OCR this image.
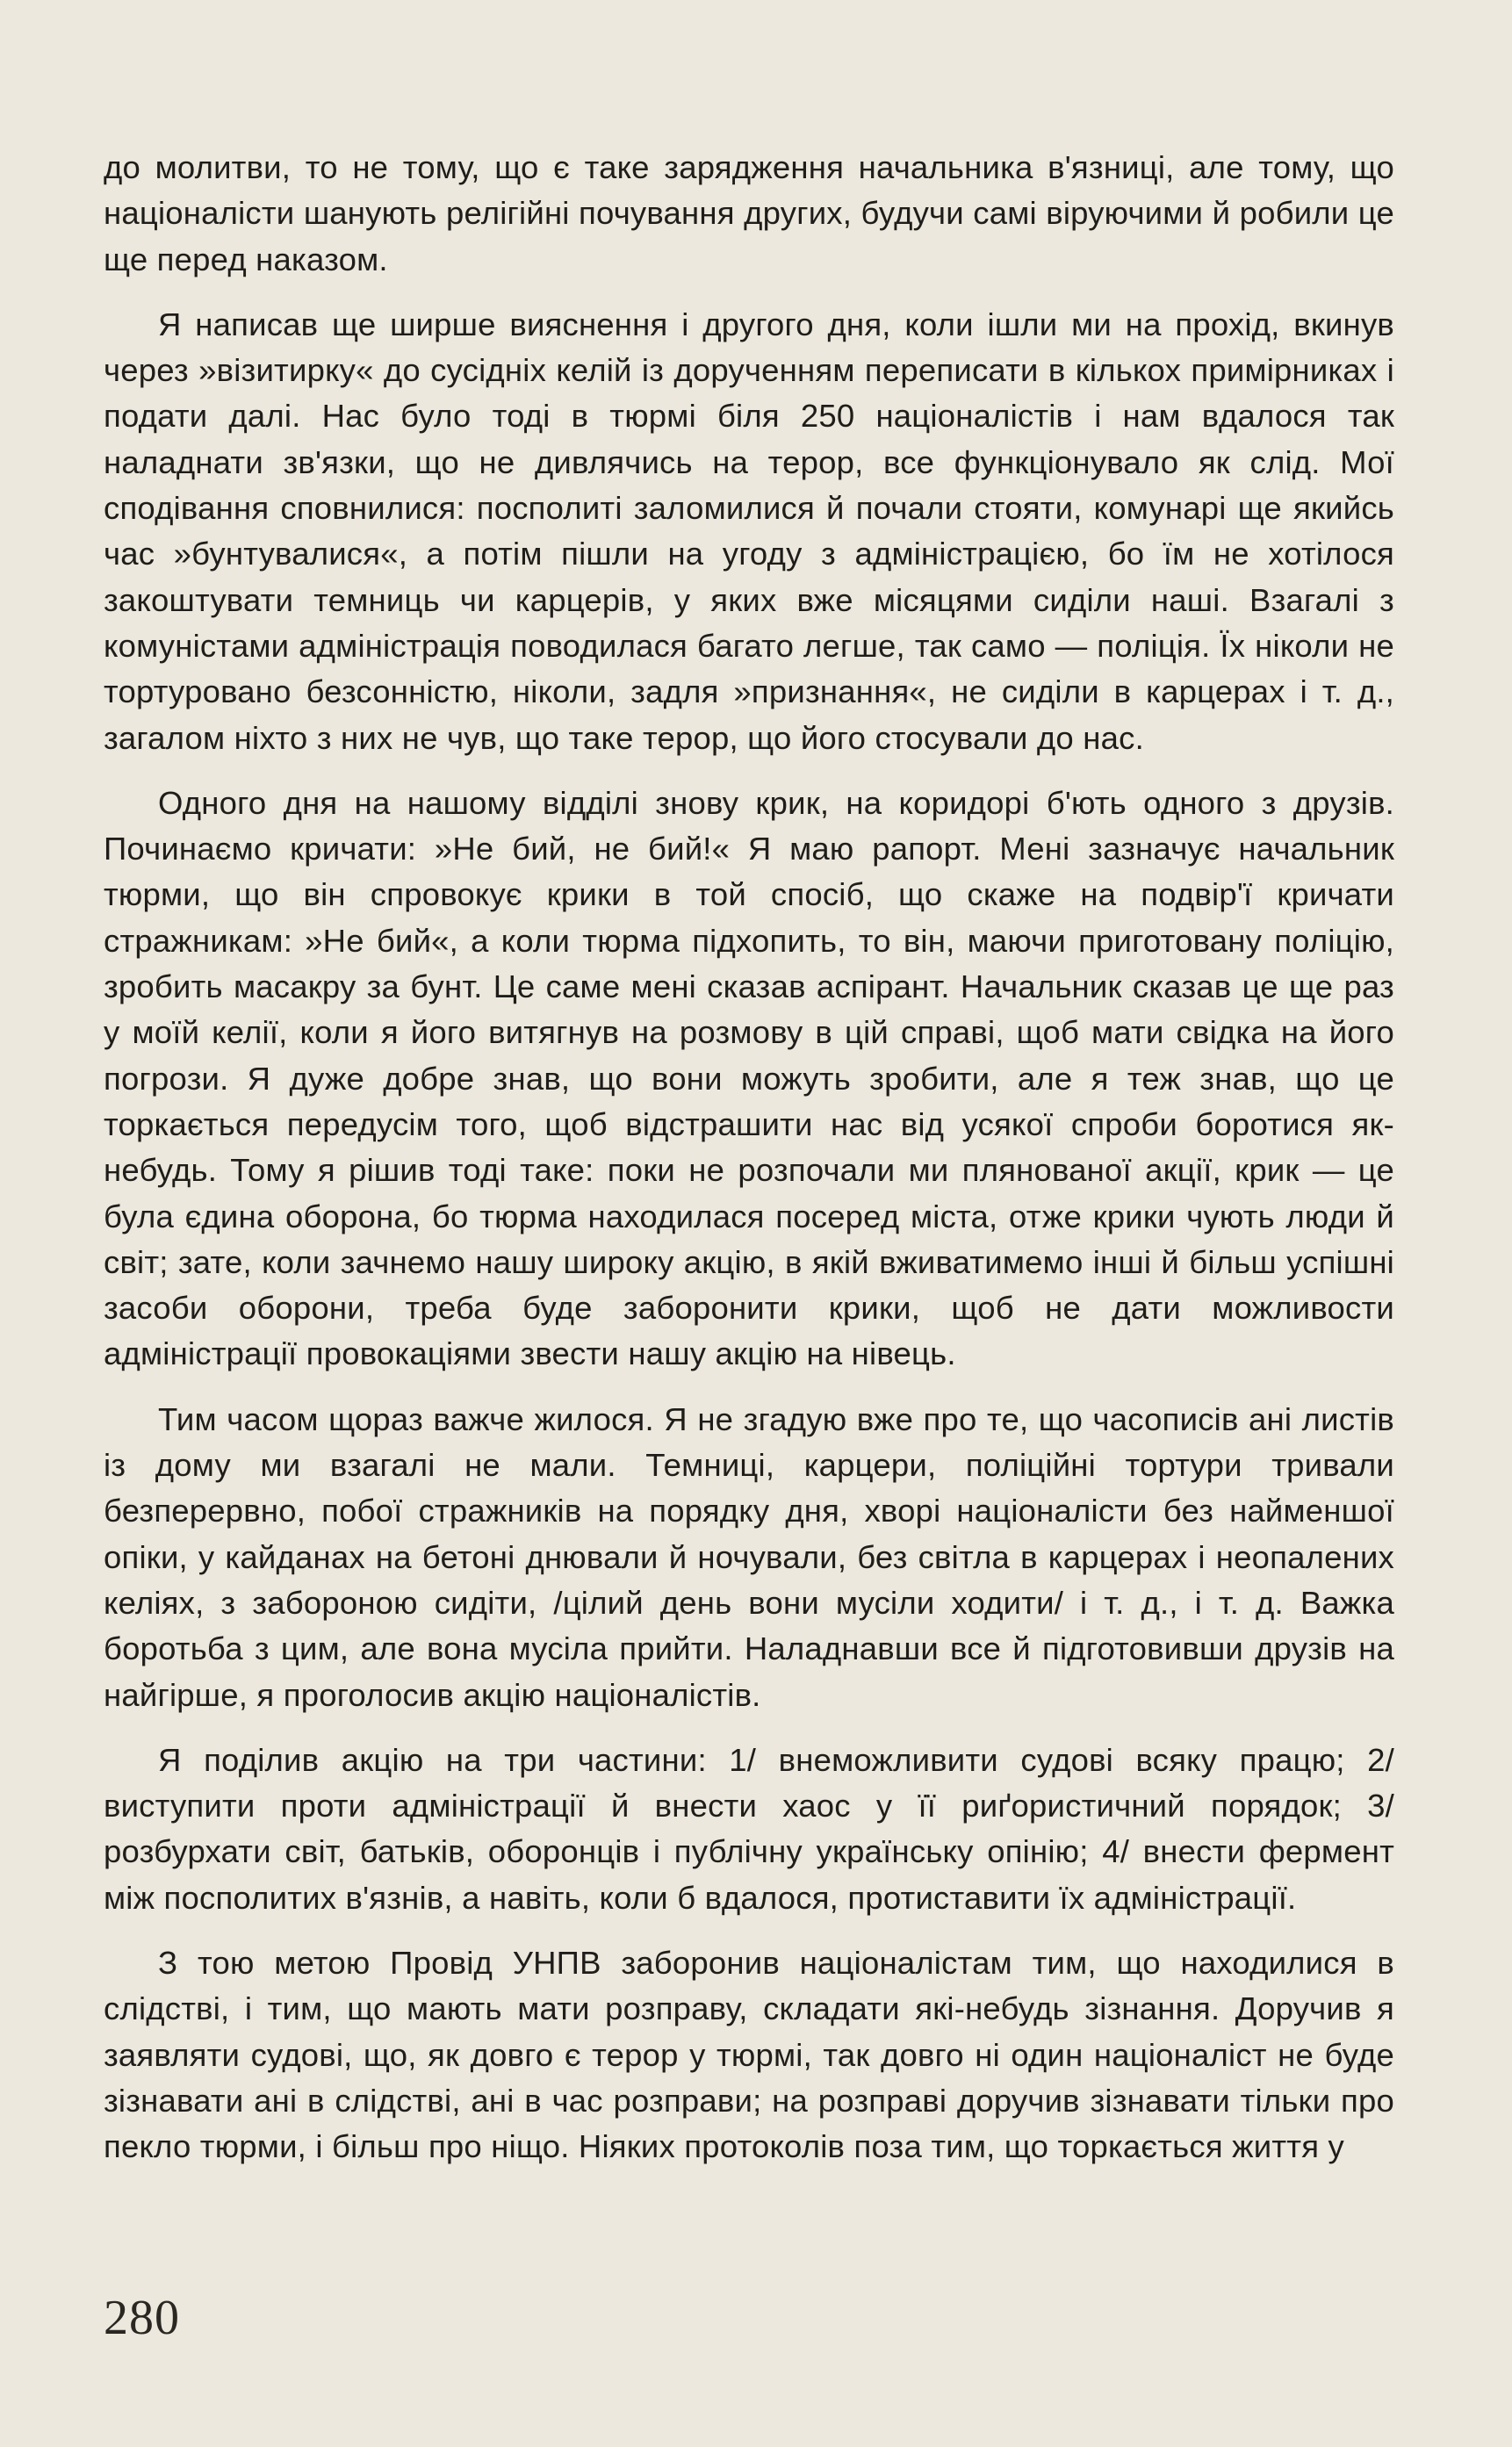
до молитви, то не тому, що є таке зарядження начальника в'язниці, але тому, що націоналісти шанують релігійні почування других, будучи самі віруючими й робили це ще перед наказом.

Я написав ще ширше вияснення і другого дня, коли ішли ми на прохід, вкинув через »візитирку« до сусідніх келій із дорученням переписати в кількох примірниках і подати далі. Нас було тоді в тюрмі біля 250 націоналістів і нам вдалося так наладнати зв'язки, що не дивлячись на терор, все функціонувало як слід. Мої сподівання сповнилися: посполиті заломилися й почали стояти, комунарі ще якийсь час »бунтувалися«, а потім пішли на угоду з адміністрацією, бо їм не хотілося закоштувати темниць чи карцерів, у яких вже місяцями сиділи наші. Взагалі з комуністами адміністрація поводилася багато легше, так само — поліція. Їх ніколи не тортуровано безсонністю, ніколи, задля »признання«, не сиділи в карцерах і т. д., загалом ніхто з них не чув, що таке терор, що його стосували до нас.

Одного дня на нашому відділі знову крик, на коридорі б'ють одного з друзів. Починаємо кричати: »Не бий, не бий!« Я маю рапорт. Мені зазначує начальник тюрми, що він спровокує крики в той спосіб, що скаже на подвір'ї кричати стражникам: »Не бий«, а коли тюрма підхопить, то він, маючи приготовану поліцію, зробить масакру за бунт. Це саме мені сказав аспірант. Начальник сказав це ще раз у моїй келії, коли я його витягнув на розмову в цій справі, щоб мати свідка на його погрози. Я дуже добре знав, що вони можуть зробити, але я теж знав, що це торкається передусім того, щоб відстрашити нас від усякої спроби боротися як-небудь. Тому я рішив тоді таке: поки не розпочали ми плянованої акції, крик — це була єдина оборона, бо тюрма находилася посеред міста, отже крики чують люди й світ; зате, коли зачнемо нашу широку акцію, в якій вживатимемо інші й більш успішні засоби оборони, треба буде заборонити крики, щоб не дати можливости адміністрації провокаціями звести нашу акцію на нівець.

Тим часом щораз важче жилося. Я не згадую вже про те, що часописів ані листів із дому ми взагалі не мали. Темниці, карцери, поліційні тортури тривали безперервно, побої стражників на порядку дня, хворі націоналісти без найменшої опіки, у кайданах на бетоні днювали й ночували, без світла в карцерах і неопалених келіях, з забороною сидіти, /цілий день вони мусіли ходити/ і т. д., і т. д. Важка боротьба з цим, але вона мусіла прийти. Наладнавши все й підготовивши друзів на найгірше, я проголосив акцію націоналістів.

Я поділив акцію на три частини: 1/ внеможливити судові всяку працю; 2/ виступити проти адміністрації й внести хаос у її риґористичний порядок; 3/ розбурхати світ, батьків, оборонців і публічну українську опінію; 4/ внести фермент між посполитих в'язнів, а навіть, коли б вдалося, протиставити їх адміністрації.

З тою метою Провід УНПВ заборонив націоналістам тим, що находилися в слідстві, і тим, що мають мати розправу, складати які-небудь зізнання. Доручив я заявляти судові, що, як довго є терор у тюрмі, так довго ні один націоналіст не буде зізнавати ані в слідстві, ані в час розправи; на розправі доручив зізнавати тільки про пекло тюрми, і більш про ніщо. Ніяких протоколів поза тим, що торкається життя у

280
